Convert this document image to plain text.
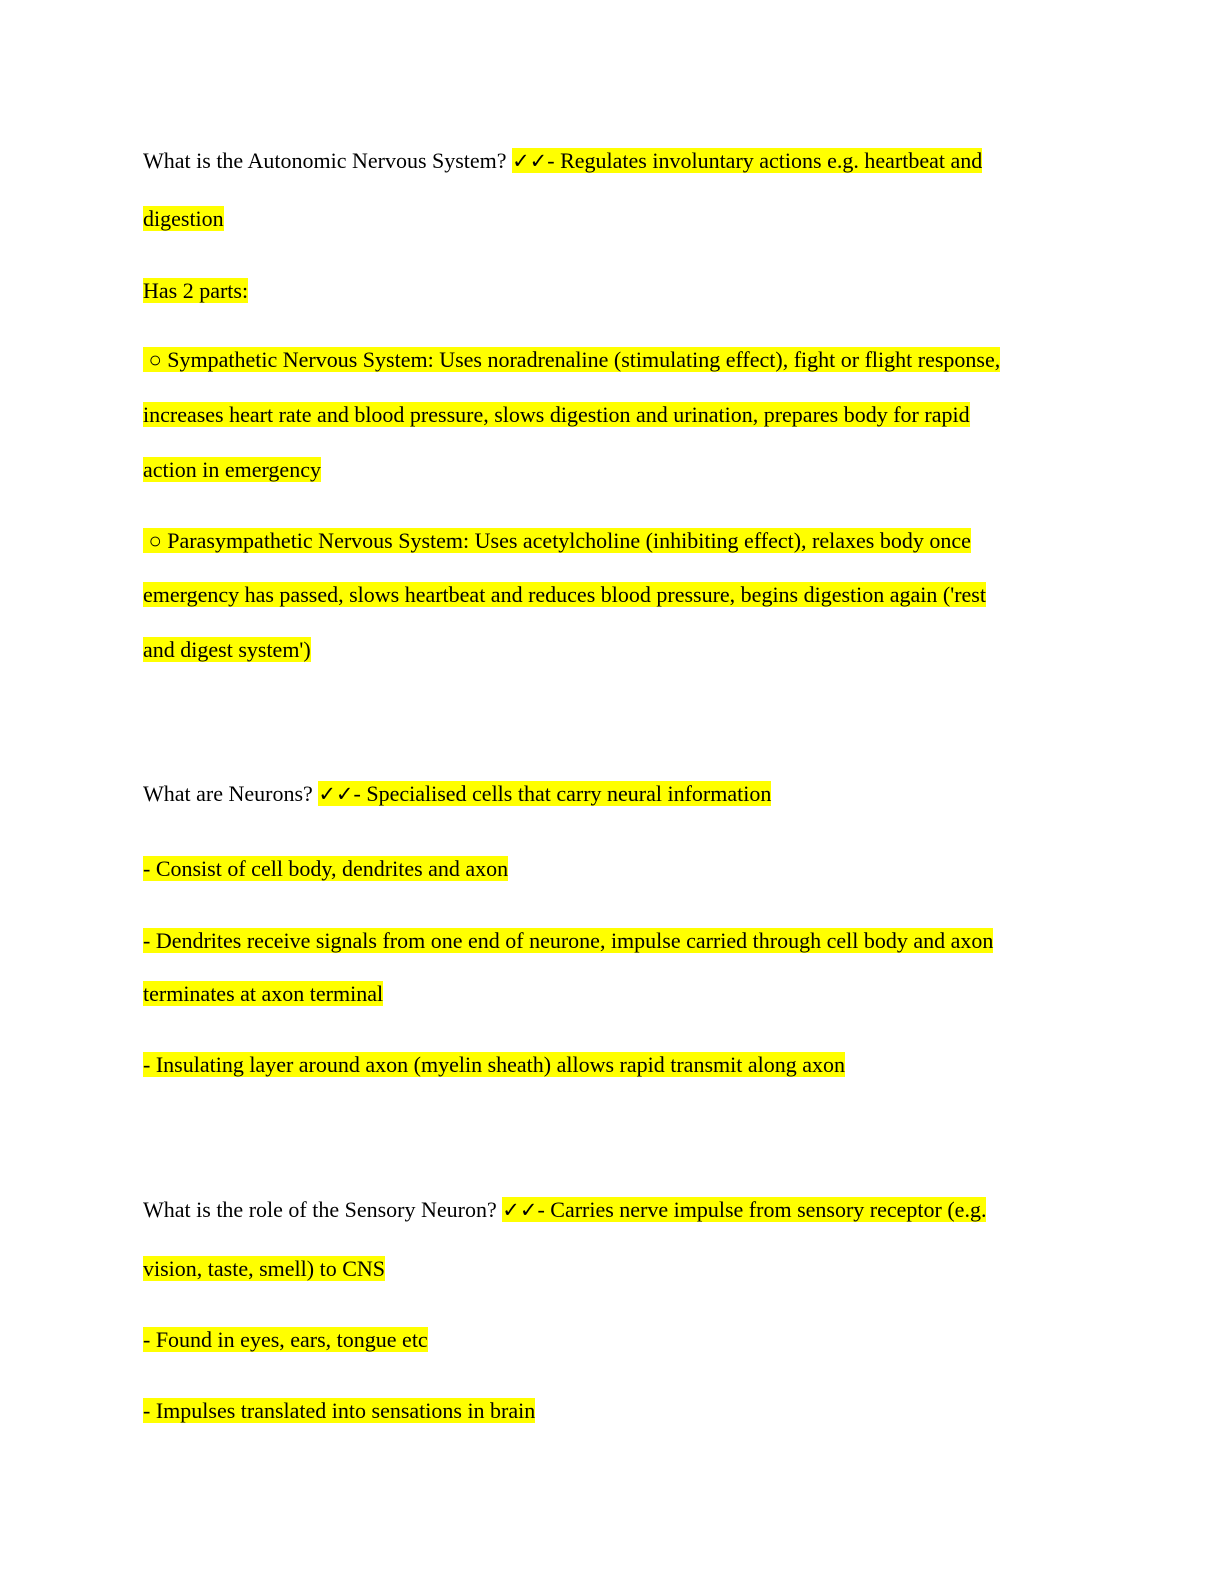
What is the Autonomic Nervous System? ✓✓- Regulates involuntary actions e.g. heartbeat and
digestion
Has 2 parts:
○ Sympathetic Nervous System: Uses noradrenaline (stimulating effect), fight or flight response,
increases heart rate and blood pressure, slows digestion and urination, prepares body for rapid
action in emergency
○ Parasympathetic Nervous System: Uses acetylcholine (inhibiting effect), relaxes body once
emergency has passed, slows heartbeat and reduces blood pressure, begins digestion again ('rest
and digest system')
What are Neurons? ✓✓- Specialised cells that carry neural information
- Consist of cell body, dendrites and axon
- Dendrites receive signals from one end of neurone, impulse carried through cell body and axon
terminates at axon terminal
- Insulating layer around axon (myelin sheath) allows rapid transmit along axon
What is the role of the Sensory Neuron? ✓✓- Carries nerve impulse from sensory receptor (e.g.
vision, taste, smell) to CNS
- Found in eyes, ears, tongue etc
- Impulses translated into sensations in brain
